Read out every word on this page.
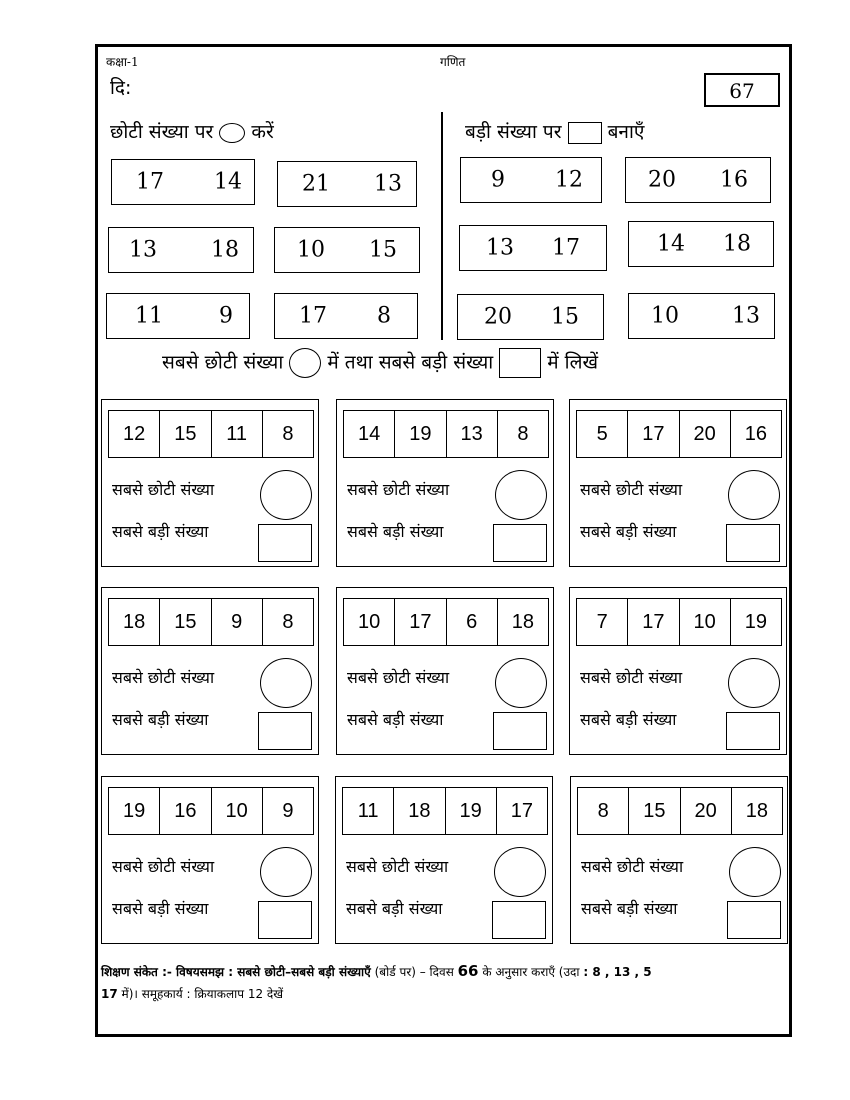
कक्षा-1	गणित
दि:	67
छोटी संख्या पर करें	बड़ी संख्या पर बनाएँ
17 14	21 13
13 18	10 15
11	9	17 8
9 12	20 16
13 17	14 18
20 15	10 13
सबसे छोटी संख्या में तथा सबसे बड़ी संख्या	में लिखें
12	15	11	8
सबसे छोटी संख्या
सबसे बड़ी संख्या
14	19	13	8
सबसे छोटी संख्या
सबसे बड़ी संख्या
5	17	20	16
सबसे छोटी संख्या
सबसे बड़ी संख्या
18	15	9	8
सबसे छोटी संख्या
सबसे बड़ी संख्या
10	17	6	18
सबसे छोटी संख्या
सबसे बड़ी संख्या
7	17	10	19
सबसे छोटी संख्या
सबसे बड़ी संख्या
19	16	10	9
सबसे छोटी संख्या
सबसे बड़ी संख्या
11	18	19	17
सबसे छोटी संख्या
सबसे बड़ी संख्या
8	15	20	18
सबसे छोटी संख्या
सबसे बड़ी संख्या
शिक्षण संकेत :- विषयसमझ : सबसे छोटी–सबसे बड़ी संख्याएँ (बोर्ड पर) – दिवस 66 के अनुसार कराएँ (उदा : 8 , 13 , 5
17 में)। समूहकार्य : क्रियाकलाप 12 देखें
